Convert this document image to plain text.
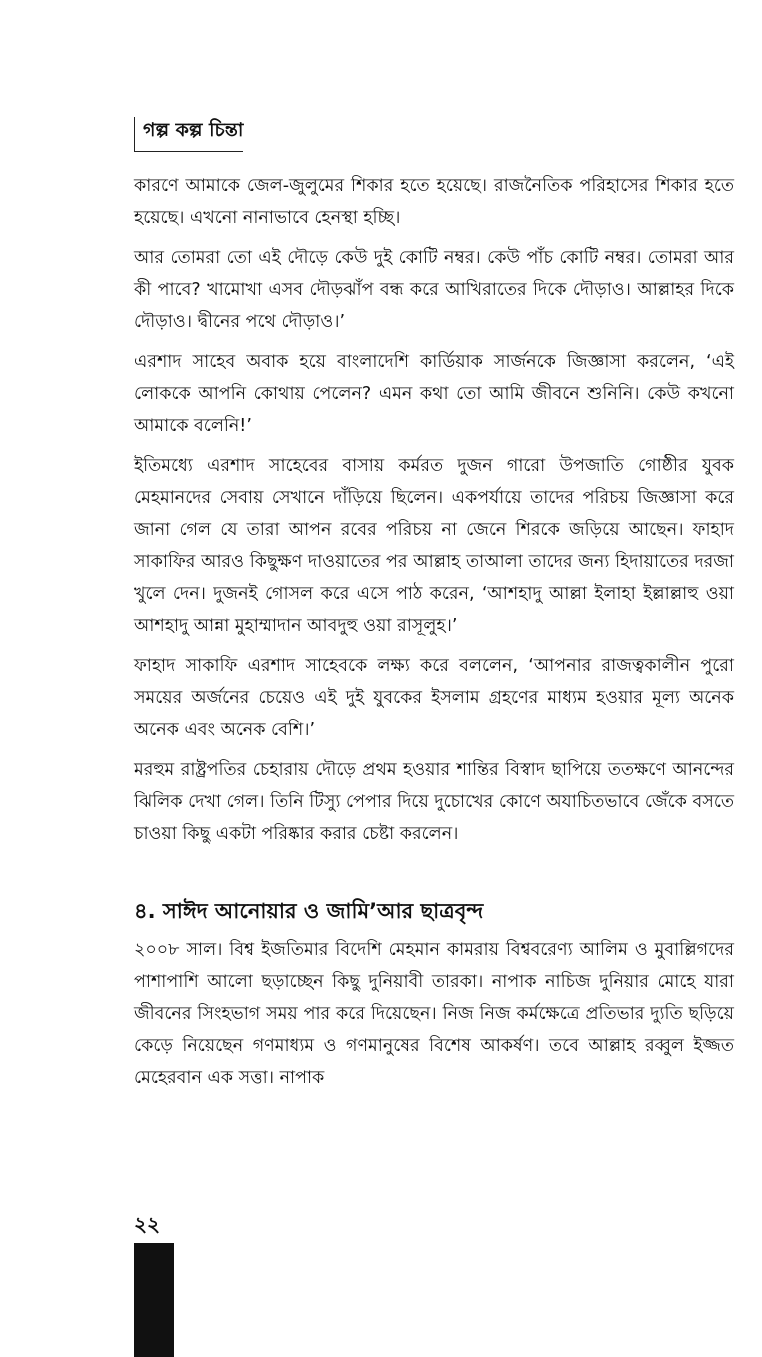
গল্প কল্প চিন্তা

কারণে আমাকে জেল-জুলুমের শিকার হতে হয়েছে। রাজনৈতিক পরিহাসের শিকার হতে হয়েছে। এখনো নানাভাবে হেনস্থা হচ্ছি।

আর তোমরা তো এই দৌড়ে কেউ দুই কোটি নম্বর। কেউ পাঁচ কোটি নম্বর। তোমরা আর কী পাবে? খামোখা এসব দৌড়ঝাঁপ বন্ধ করে আখিরাতের দিকে দৌড়াও। আল্লাহর দিকে দৌড়াও। দ্বীনের পথে দৌড়াও।’

এরশাদ সাহেব অবাক হয়ে বাংলাদেশি কার্ডিয়াক সার্জনকে জিজ্ঞাসা করলেন, ‘এই লোককে আপনি কোথায় পেলেন? এমন কথা তো আমি জীবনে শুনিনি। কেউ কখনো আমাকে বলেনি!’

ইতিমধ্যে এরশাদ সাহেবের বাসায় কর্মরত দুজন গারো উপজাতি গোষ্ঠীর যুবক মেহমানদের সেবায় সেখানে দাঁড়িয়ে ছিলেন। একপর্যায়ে তাদের পরিচয় জিজ্ঞাসা করে জানা গেল যে তারা আপন রবের পরিচয় না জেনে শিরকে জড়িয়ে আছেন। ফাহাদ সাকাফির আরও কিছুক্ষণ দাওয়াতের পর আল্লাহ তাআলা তাদের জন্য হিদায়াতের দরজা খুলে দেন। দুজনই গোসল করে এসে পাঠ করেন, ‘আশহাদু আল্লা ইলাহা ইল্লাল্লাহু ওয়া আশহাদু আন্না মুহাম্মাদান আবদুহু ওয়া রাসূলুহ।’

ফাহাদ সাকাফি এরশাদ সাহেবকে লক্ষ্য করে বললেন, ‘আপনার রাজত্বকালীন পুরো সময়ের অর্জনের চেয়েও এই দুই যুবকের ইসলাম গ্রহণের মাধ্যম হওয়ার মূল্য অনেক অনেক এবং অনেক বেশি।’

মরহুম রাষ্ট্রপতির চেহারায় দৌড়ে প্রথম হওয়ার শান্তির বিস্বাদ ছাপিয়ে ততক্ষণে আনন্দের ঝিলিক দেখা গেল। তিনি টিস্যু পেপার দিয়ে দুচোখের কোণে অযাচিতভাবে জেঁকে বসতে চাওয়া কিছু একটা পরিষ্কার করার চেষ্টা করলেন।

৪. সাঈদ আনোয়ার ও জামি’আর ছাত্রবৃন্দ

২০০৮ সাল। বিশ্ব ইজতিমার বিদেশি মেহমান কামরায় বিশ্ববরেণ্য আলিম ও মুবাল্লিগদের পাশাপাশি আলো ছড়াচ্ছেন কিছু দুনিয়াবী তারকা। নাপাক নাচিজ দুনিয়ার মোহে যারা জীবনের সিংহভাগ সময় পার করে দিয়েছেন। নিজ নিজ কর্মক্ষেত্রে প্রতিভার দ্যুতি ছড়িয়ে কেড়ে নিয়েছেন গণমাধ্যম ও গণমানুষের বিশেষ আকর্ষণ। তবে আল্লাহ রব্বুল ইজ্জত মেহেরবান এক সত্তা। নাপাক

২২
